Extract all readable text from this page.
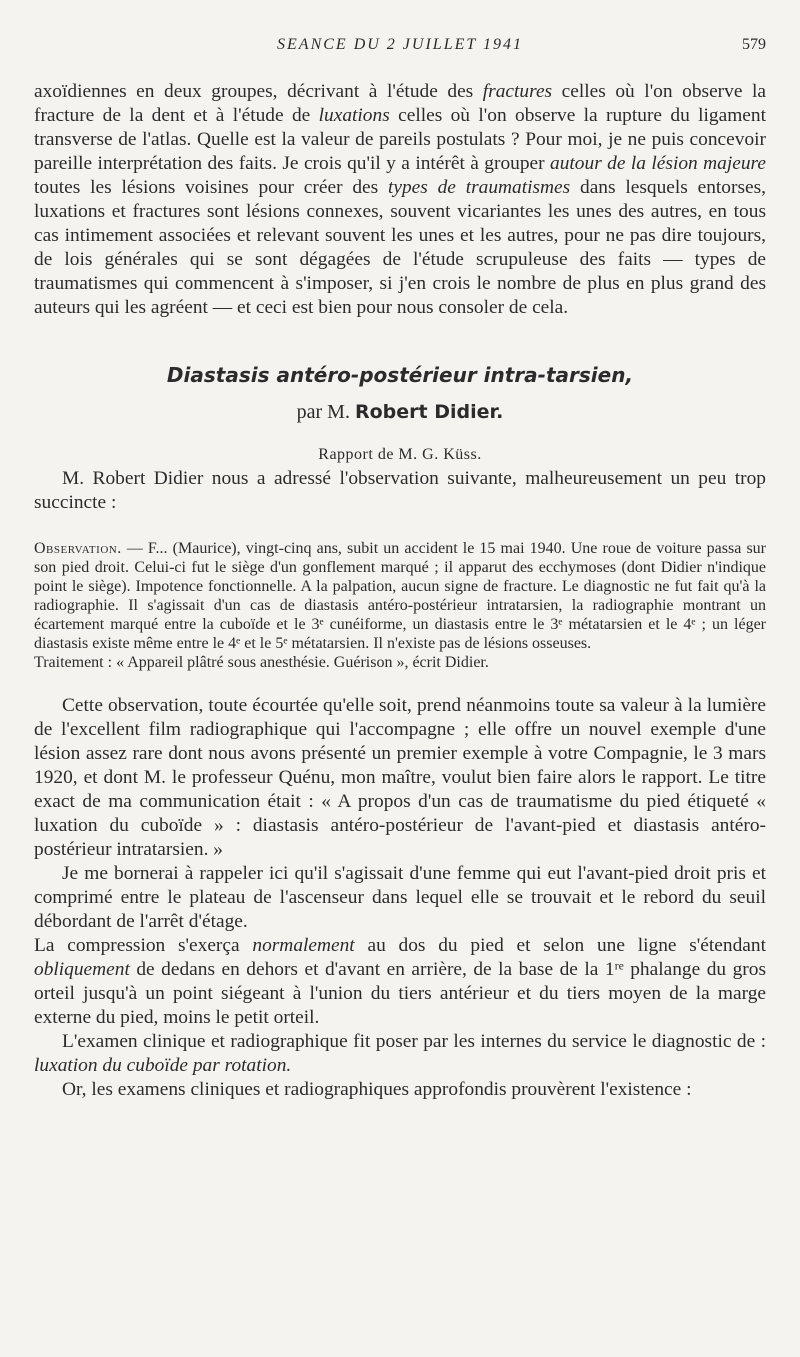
SEANCE DU 2 JUILLET 1941	579

axoïdiennes en deux groupes, décrivant à l'étude des fractures celles où l'on observe la fracture de la dent et à l'étude de luxations celles où l'on observe la rupture du ligament transverse de l'atlas. Quelle est la valeur de pareils postulats ? Pour moi, je ne puis concevoir pareille interprétation des faits. Je crois qu'il y a intérêt à grouper autour de la lésion majeure toutes les lésions voisines pour créer des types de traumatismes dans lesquels entorses, luxations et fractures sont lésions connexes, souvent vicariantes les unes des autres, en tous cas intimement associées et relevant souvent les unes et les autres, pour ne pas dire toujours, de lois générales qui se sont dégagées de l'étude scrupuleuse des faits — types de traumatismes qui commencent à s'imposer, si j'en crois le nombre de plus en plus grand des auteurs qui les agréent — et ceci est bien pour nous consoler de cela.

Diastasis antéro-postérieur intra-tarsien,
par M. Robert Didier.
Rapport de M. G. Küss.

M. Robert Didier nous a adressé l'observation suivante, malheureusement un peu trop succincte :

Observation. — F... (Maurice), vingt-cinq ans, subit un accident le 15 mai 1940. Une roue de voiture passa sur son pied droit. Celui-ci fut le siège d'un gonflement marqué ; il apparut des ecchymoses (dont Didier n'indique point le siège). Impotence fonctionnelle. A la palpation, aucun signe de fracture. Le diagnostic ne fut fait qu'à la radiographie. Il s'agissait d'un cas de diastasis antéro-postérieur intratarsien, la radiographie montrant un écartement marqué entre la cuboïde et le 3ᵉ cunéiforme, un diastasis entre le 3ᵉ métatarsien et le 4ᵉ ; un léger diastasis existe même entre le 4ᵉ et le 5ᵉ métatarsien. Il n'existe pas de lésions osseuses.

Traitement : « Appareil plâtré sous anesthésie. Guérison », écrit Didier.

Cette observation, toute écourtée qu'elle soit, prend néanmoins toute sa valeur à la lumière de l'excellent film radiographique qui l'accompagne ; elle offre un nouvel exemple d'une lésion assez rare dont nous avons présenté un premier exemple à votre Compagnie, le 3 mars 1920, et dont M. le professeur Quénu, mon maître, voulut bien faire alors le rapport. Le titre exact de ma communication était : « A propos d'un cas de traumatisme du pied étiqueté « luxation du cuboïde » : diastasis antéro-postérieur de l'avant-pied et diastasis antéro-postérieur intratarsien. »

Je me bornerai à rappeler ici qu'il s'agissait d'une femme qui eut l'avant-pied droit pris et comprimé entre le plateau de l'ascenseur dans lequel elle se trouvait et le rebord du seuil débordant de l'arrêt d'étage.

La compression s'exerça normalement au dos du pied et selon une ligne s'étendant obliquement de dedans en dehors et d'avant en arrière, de la base de la 1ʳᵉ phalange du gros orteil jusqu'à un point siégeant à l'union du tiers antérieur et du tiers moyen de la marge externe du pied, moins le petit orteil.

L'examen clinique et radiographique fit poser par les internes du service le diagnostic de : luxation du cuboïde par rotation.

Or, les examens cliniques et radiographiques approfondis prouvèrent l'existence :
